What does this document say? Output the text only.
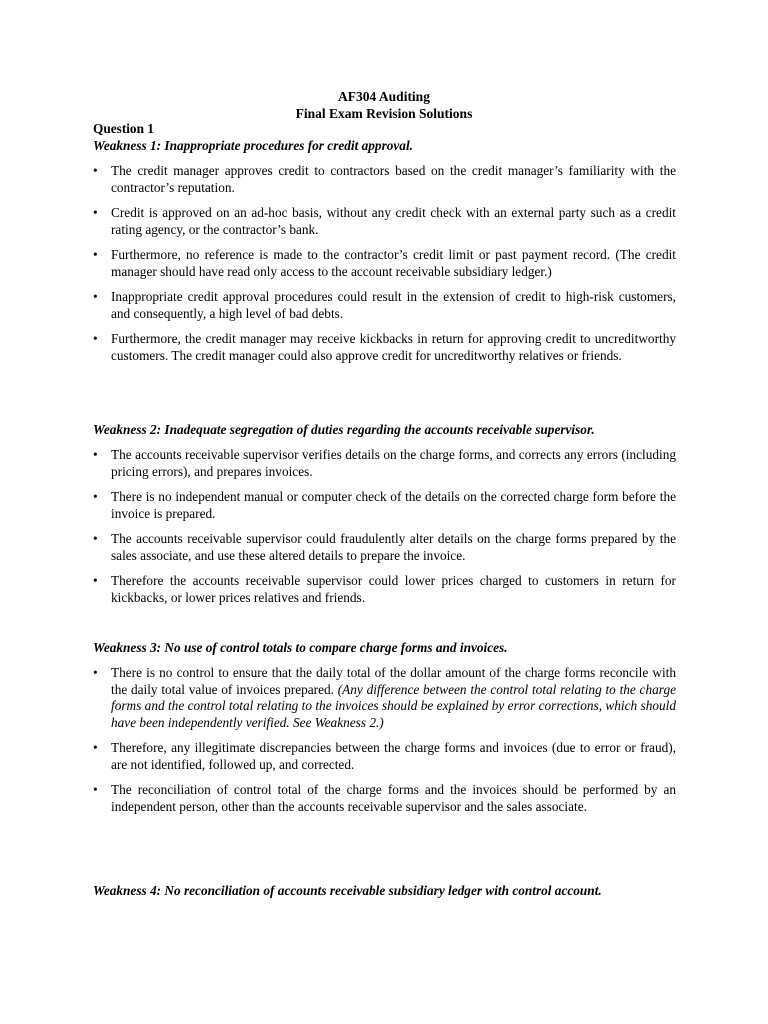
AF304 Auditing
Final Exam Revision Solutions
Question 1
Weakness 1: Inappropriate procedures for credit approval.
• The credit manager approves credit to contractors based on the credit manager’s familiarity with the contractor’s reputation.
• Credit is approved on an ad-hoc basis, without any credit check with an external party such as a credit rating agency, or the contractor’s bank.
• Furthermore, no reference is made to the contractor’s credit limit or past payment record. (The credit manager should have read only access to the account receivable subsidiary ledger.)
• Inappropriate credit approval procedures could result in the extension of credit to high-risk customers, and consequently, a high level of bad debts.
• Furthermore, the credit manager may receive kickbacks in return for approving credit to uncreditworthy customers. The credit manager could also approve credit for uncreditworthy relatives or friends.
Weakness 2: Inadequate segregation of duties regarding the accounts receivable supervisor.
• The accounts receivable supervisor verifies details on the charge forms, and corrects any errors (including pricing errors), and prepares invoices.
• There is no independent manual or computer check of the details on the corrected charge form before the invoice is prepared.
• The accounts receivable supervisor could fraudulently alter details on the charge forms prepared by the sales associate, and use these altered details to prepare the invoice.
• Therefore the accounts receivable supervisor could lower prices charged to customers in return for kickbacks, or lower prices relatives and friends.
Weakness 3: No use of control totals to compare charge forms and invoices.
• There is no control to ensure that the daily total of the dollar amount of the charge forms reconcile with the daily total value of invoices prepared. (Any difference between the control total relating to the charge forms and the control total relating to the invoices should be explained by error corrections, which should have been independently verified. See Weakness 2.)
• Therefore, any illegitimate discrepancies between the charge forms and invoices (due to error or fraud), are not identified, followed up, and corrected.
• The reconciliation of control total of the charge forms and the invoices should be performed by an independent person, other than the accounts receivable supervisor and the sales associate.
Weakness 4: No reconciliation of accounts receivable subsidiary ledger with control account.
